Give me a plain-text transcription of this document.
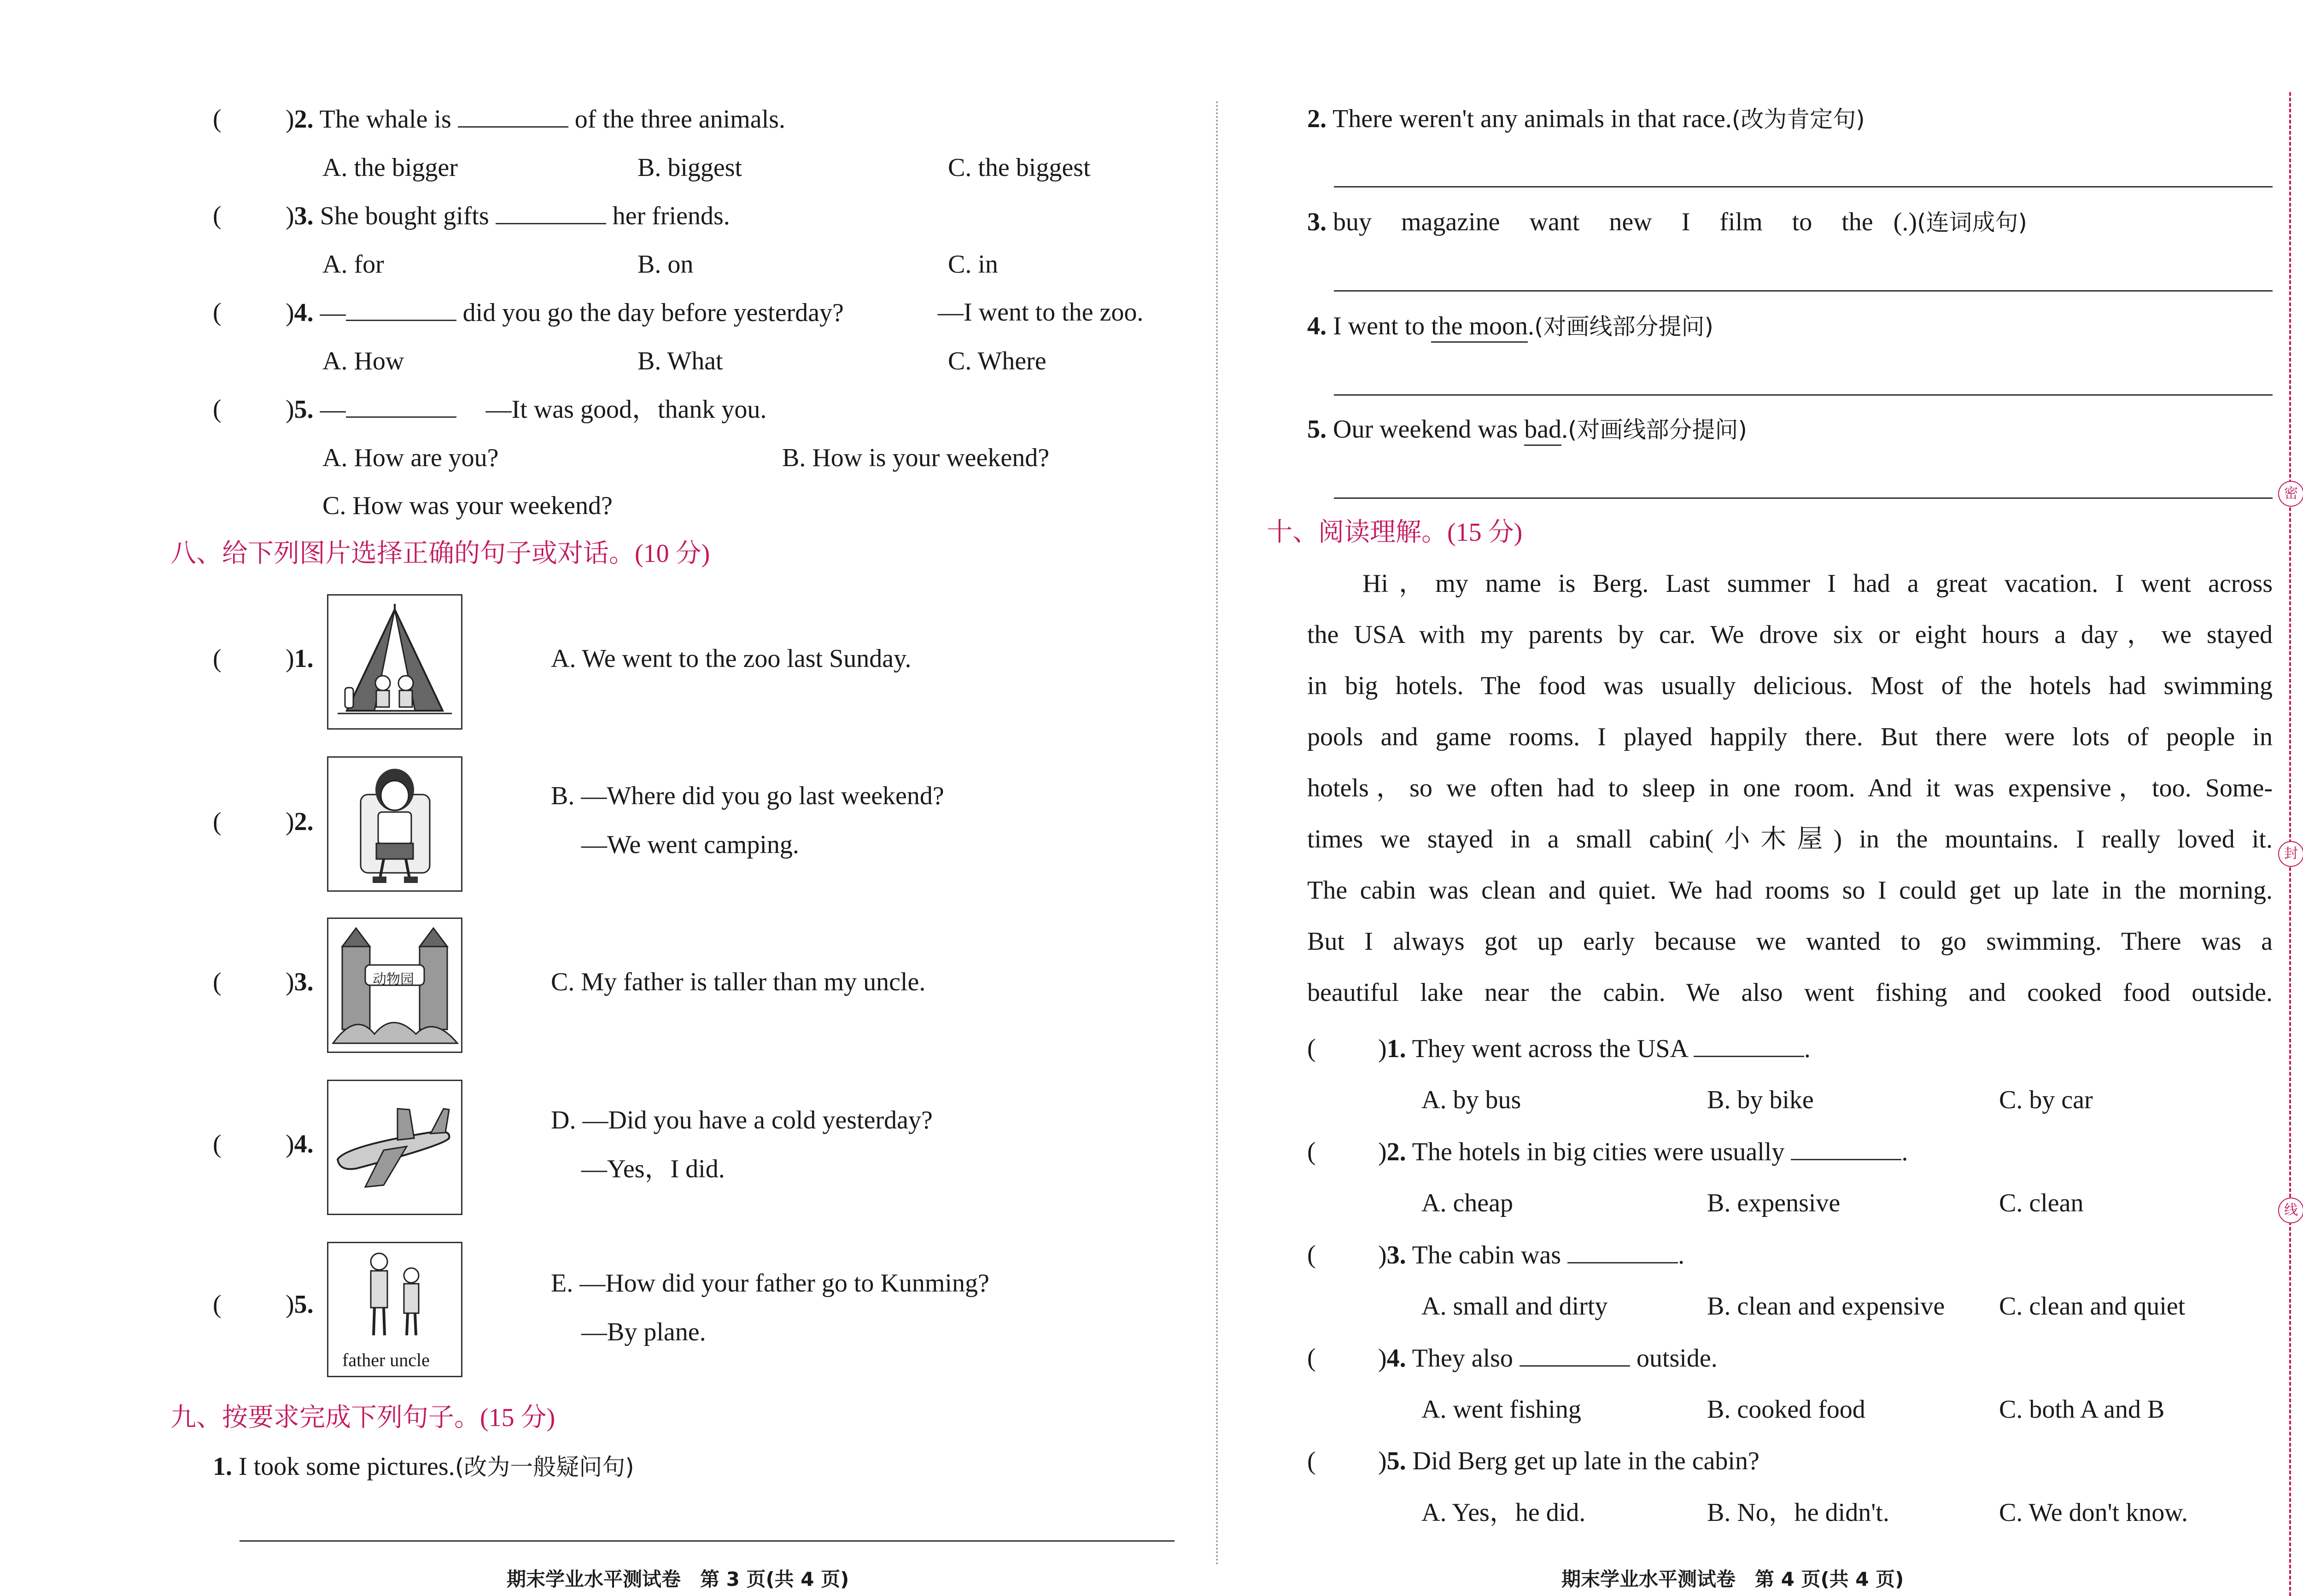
( )2. The whale is	of the three animals.
A. the bigger	B. biggest	C. the biggest
( )3. She bought gifts	her friends.
A. for	B. on	C. in
( )4. —	did you go the day before yesterday?	—I went to the zoo.
A. How	B. What	C. Where
( )5. —	—It was good，thank you.
A. How are you?	B. How is your weekend?
C. How was your weekend?
八、给下列图片选择正确的句子或对话。(10 分)
( )1.	A. We went to the zoo last Sunday.
( )2.
B. —Where did you go last weekend?
—We went camping.
( )3.	动物园	C. My father is taller than my uncle.
( )4.
D. —Did you have a cold yesterday?
—Yes，I did.
( )5.
father uncle
E. —How did your father go to Kunming?
—By plane.
九、按要求完成下列句子。(15 分)
1. I took some pictures.(改为一般疑问句)
期末学业水平测试卷　第 3 页(共 4 页)
2. There weren't any animals in that race.(改为肯定句)
3. buy magazine want new I film to the (.)(连词成句)
4. I went to the moon.(对画线部分提问)
5. Our weekend was bad.(对画线部分提问)
十、阅读理解。(15 分)
Hi，my name is Berg. Last summer I had a great vacation. I went across
the USA with my parents by car. We drove six or eight hours a day，we stayed
in big hotels. The food was usually delicious. Most of the hotels had swimming
pools and game rooms. I played happily there. But there were lots of people in
hotels，so we often had to sleep in one room. And it was expensive，too. Some-
times we stayed in a small cabin(小木屋) in the mountains. I really loved it.
The cabin was clean and quiet. We had rooms so I could get up late in the morning.
But I always got up early because we wanted to go swimming. There was a
beautiful lake near the cabin. We also went fishing and cooked food outside.
( )1. They went across the USA	.
A. by bus	B. by bike	C. by car
( )2. The hotels in big cities were usually	.
A. cheap	B. expensive	C. clean
( )3. The cabin was	.
A. small and dirty	B. clean and expensive C. clean and quiet
( )4. They also	outside.
A. went fishing	B. cooked food	C. both A and B
( )5. Did Berg get up late in the cabin?
A. Yes，he did.	B. No，he didn't.	C. We don't know.
期末学业水平测试卷　第 4 页(共 4 页)
密
封
线
